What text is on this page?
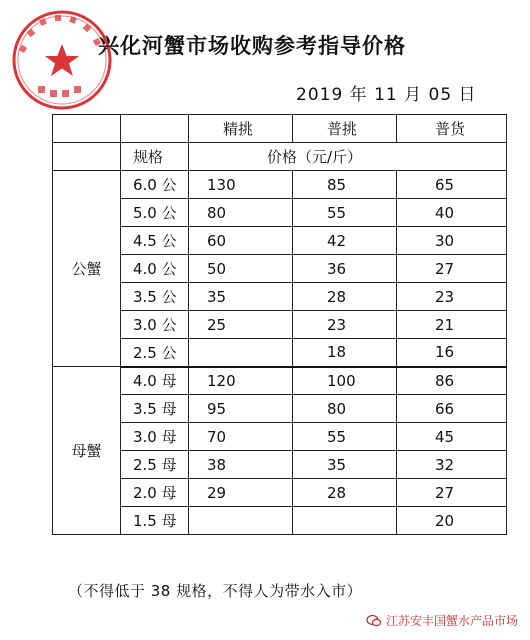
兴化河蟹市场收购参考指导价格
2019 年 11 月 05 日
		精挑	普挑	普货
	规格	价格（元/斤）		
公蟹	6.0 公	130	85	65
	5.0 公	80	55	40
	4.5 公	60	42	30
	4.0 公	50	36	27
	3.5 公	35	28	23
	3.0 公	25	23	21
	2.5 公		18	16
母蟹	4.0 母	120	100	86
	3.5 母	95	80	66
	3.0 母	70	55	45
	2.5 母	38	35	32
	2.0 母	29	28	27
	1.5 母			20
（不得低于 38 规格，不得人为带水入市）
江苏安丰国蟹水产品市场
